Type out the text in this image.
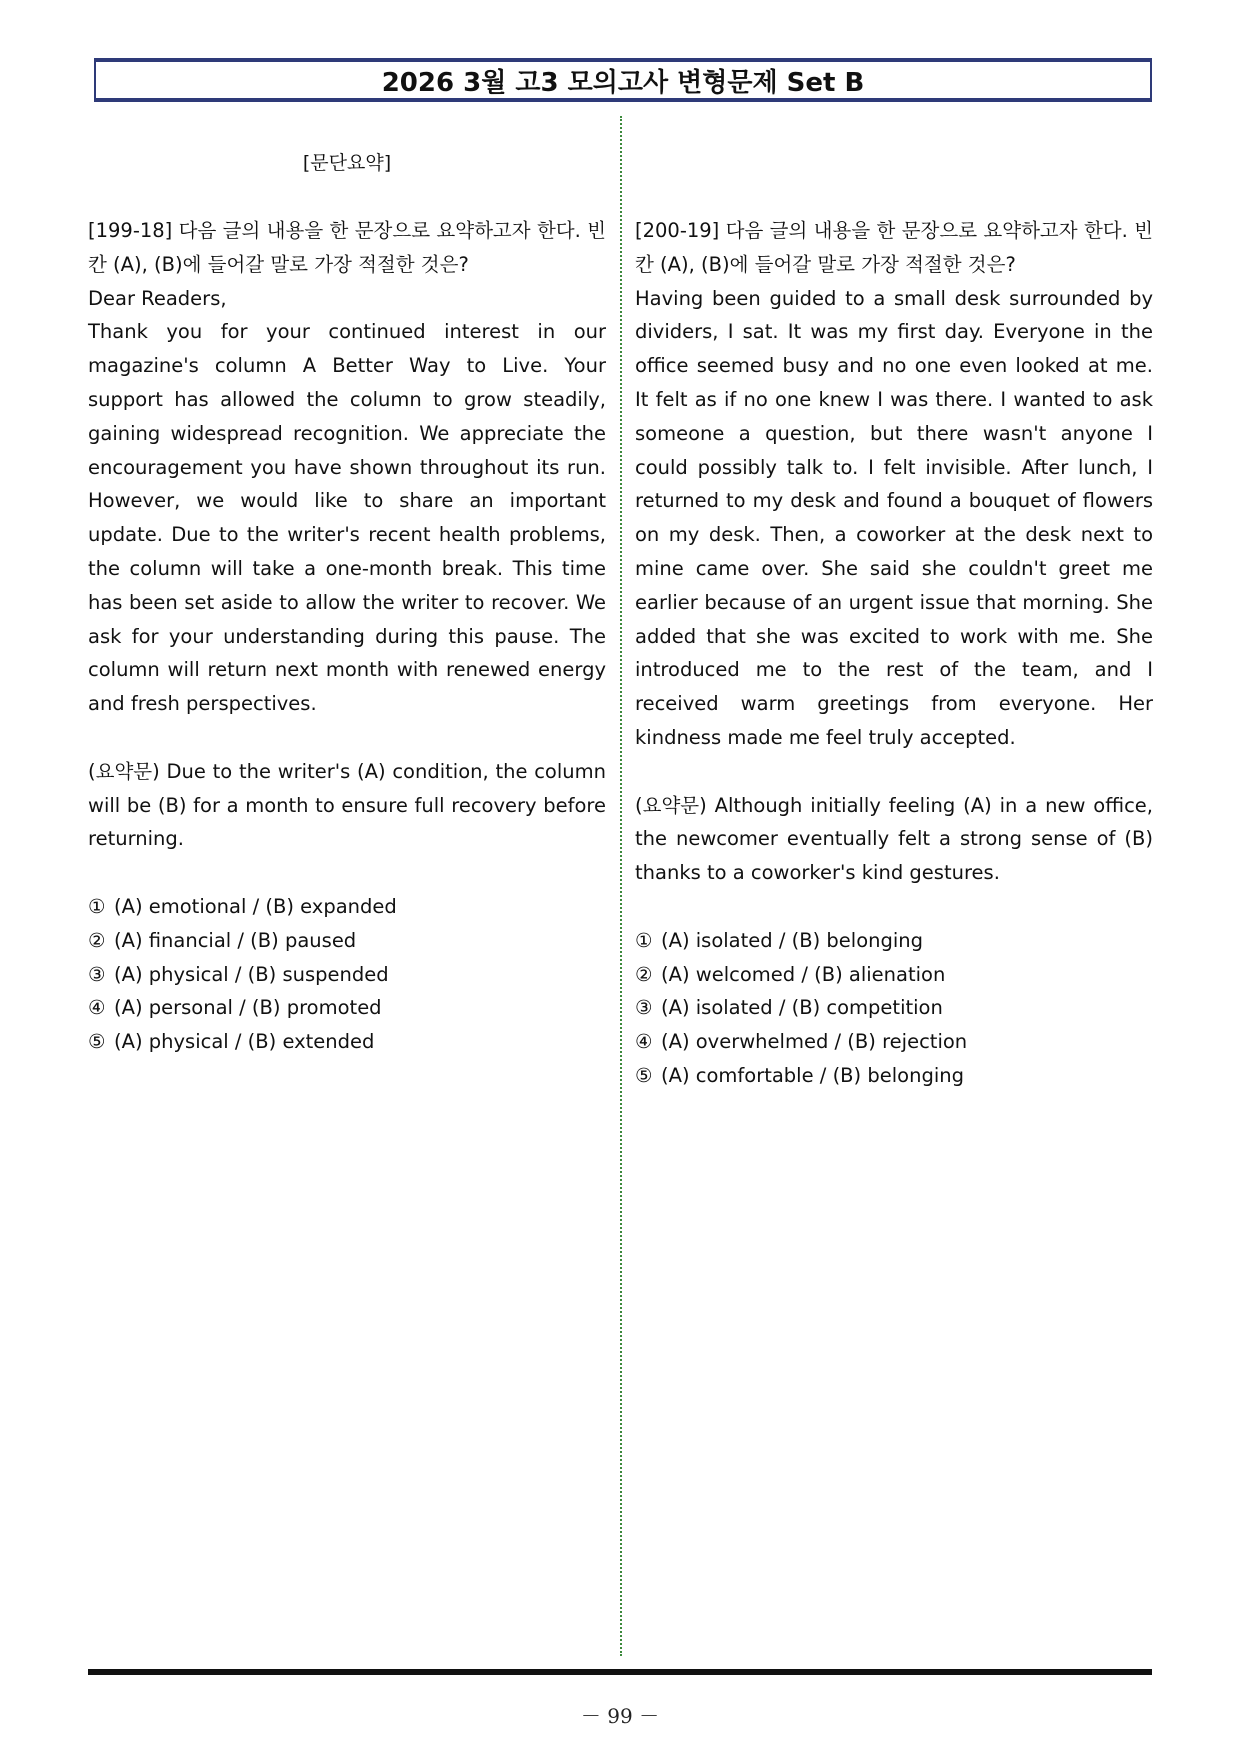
2026 3월 고3 모의고사 변형문제 Set B
[문단요약]

[199-18] 다음 글의 내용을 한 문장으로 요약하고자 한다. 빈칸 (A), (B)에 들어갈 말로 가장 적절한 것은?

Dear Readers,

Thank you for your continued interest in our magazine's column A Better Way to Live. Your support has allowed the column to grow steadily, gaining widespread recognition. We appreciate the encouragement you have shown throughout its run. However, we would like to share an important update. Due to the writer's recent health problems, the column will take a one-month break. This time has been set aside to allow the writer to recover. We ask for your understanding during this pause. The column will return next month with renewed energy and fresh perspectives.

(요약문) Due to the writer's (A) condition, the column will be (B) for a month to ensure full recovery before returning.

① (A) emotional / (B) expanded
② (A) financial / (B) paused
③ (A) physical / (B) suspended
④ (A) personal / (B) promoted
⑤ (A) physical / (B) extended

[200-19] 다음 글의 내용을 한 문장으로 요약하고자 한다. 빈칸 (A), (B)에 들어갈 말로 가장 적절한 것은?

Having been guided to a small desk surrounded by dividers, I sat. It was my first day. Everyone in the office seemed busy and no one even looked at me. It felt as if no one knew I was there. I wanted to ask someone a question, but there wasn't anyone I could possibly talk to. I felt invisible. After lunch, I returned to my desk and found a bouquet of flowers on my desk. Then, a coworker at the desk next to mine came over. She said she couldn't greet me earlier because of an urgent issue that morning. She added that she was excited to work with me. She introduced me to the rest of the team, and I received warm greetings from everyone. Her kindness made me feel truly accepted.

(요약문) Although initially feeling (A) in a new office, the newcomer eventually felt a strong sense of (B) thanks to a coworker's kind gestures.

① (A) isolated / (B) belonging
② (A) welcomed / (B) alienation
③ (A) isolated / (B) competition
④ (A) overwhelmed / (B) rejection
⑤ (A) comfortable / (B) belonging
－ 99 －
